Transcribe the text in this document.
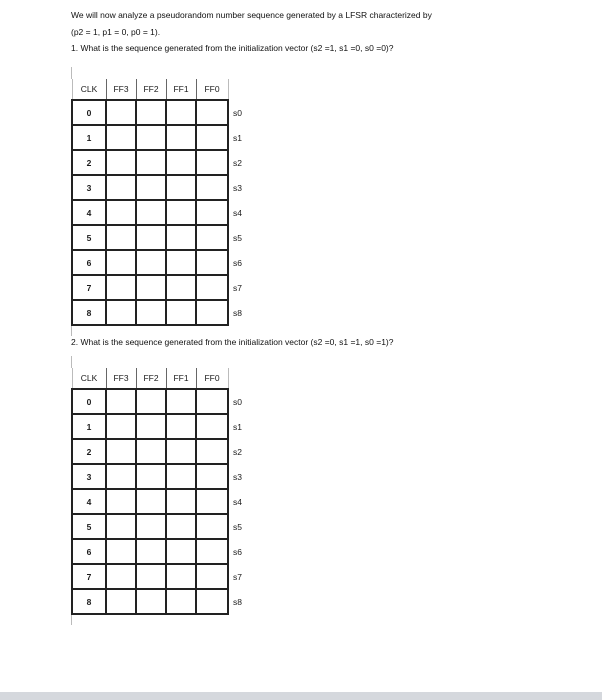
We will now analyze a pseudorandom number sequence generated by a LFSR characterized by
(p2 = 1, p1 = 0, p0 = 1).
1. What is the sequence generated from the initialization vector (s2 =1, s1 =0, s0 =0)?
CLK	FF3	FF2	FF1	FF0	
0					s0
1					s1
2					s2
3					s3
4					s4
5					s5
6					s6
7					s7
8					s8
2. What is the sequence generated from the initialization vector (s2 =0, s1 =1, s0 =1)?
CLK	FF3	FF2	FF1	FF0	
0					s0
1					s1
2					s2
3					s3
4					s4
5					s5
6					s6
7					s7
8					s8
